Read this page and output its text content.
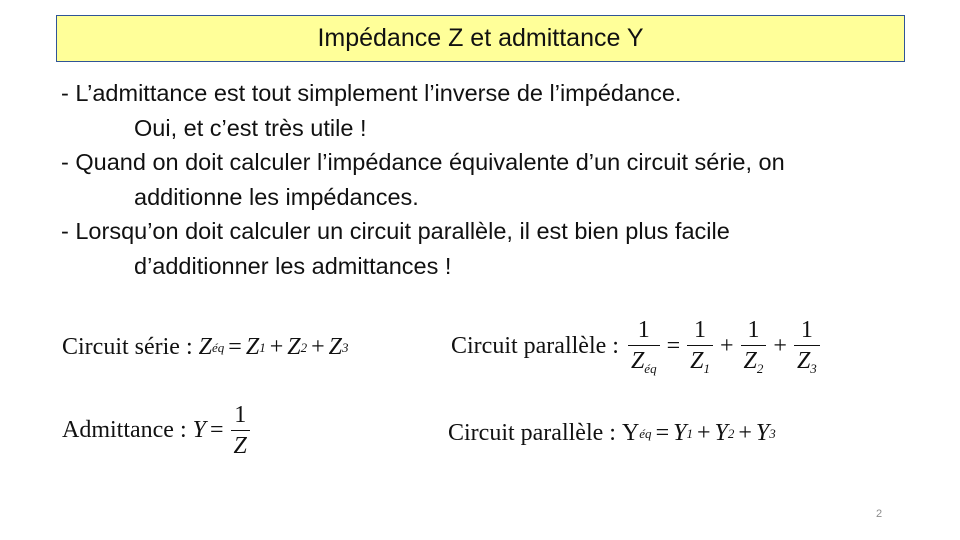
Impédance Z et admittance Y
- L’admittance est tout simplement l’inverse de l’impédance.
Oui, et c’est très utile !
- Quand on doit calculer l’impédance équivalente d’un circuit série, on
additionne les impédances.
- Lorsqu’on doit calculer un circuit parallèle, il est bien plus facile
d’additionner les admittances !
Circuit série :
Z éq = Z 1 + Z 2 + Z 3	Circuit parallèle :
$\frac{1}{Z_{éq}} = \frac{1}{Z_1} + \frac{1}{Z_2} + \frac{1}{Z_3}$
Admittance :
$Y = \frac{1}{Z}$	Circuit parallèle :
Y éq = Y 1 + Y 2 + Y 3
2
